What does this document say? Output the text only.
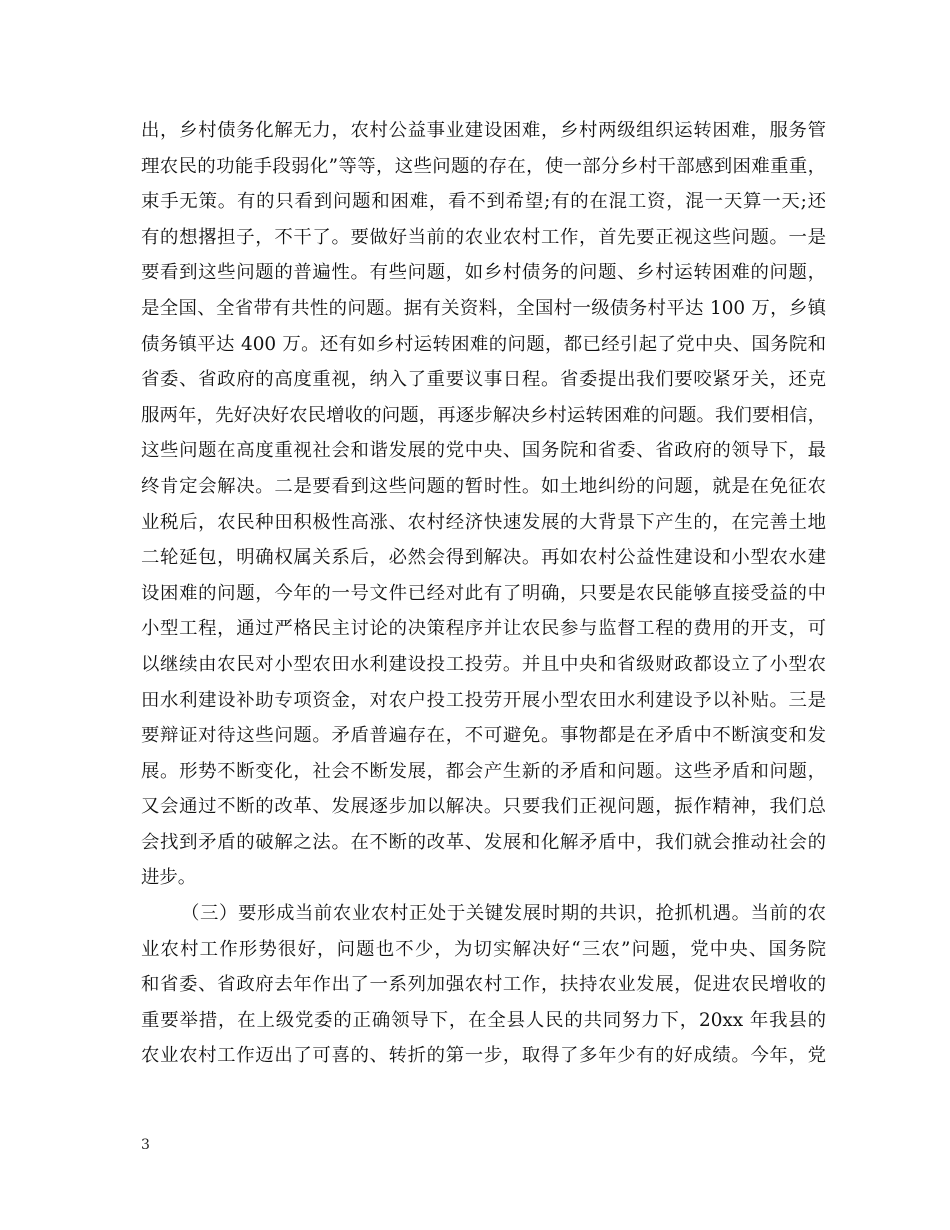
出，乡村债务化解无力，农村公益事业建设困难，乡村两级组织运转困难，服务管
理农民的功能手段弱化”等等，这些问题的存在，使一部分乡村干部感到困难重重，
束手无策。有的只看到问题和困难，看不到希望;有的在混工资，混一天算一天;还
有的想撂担子，不干了。要做好当前的农业农村工作，首先要正视这些问题。一是
要看到这些问题的普遍性。有些问题，如乡村债务的问题、乡村运转困难的问题，
是全国、全省带有共性的问题。据有关资料，全国村一级债务村平达 100 万，乡镇
债务镇平达 400 万。还有如乡村运转困难的问题，都已经引起了党中央、国务院和
省委、省政府的高度重视，纳入了重要议事日程。省委提出我们要咬紧牙关，还克
服两年，先好决好农民增收的问题，再逐步解决乡村运转困难的问题。我们要相信，
这些问题在高度重视社会和谐发展的党中央、国务院和省委、省政府的领导下，最
终肯定会解决。二是要看到这些问题的暂时性。如土地纠纷的问题，就是在免征农
业税后，农民种田积极性高涨、农村经济快速发展的大背景下产生的，在完善土地
二轮延包，明确权属关系后，必然会得到解决。再如农村公益性建设和小型农水建
设困难的问题，今年的一号文件已经对此有了明确，只要是农民能够直接受益的中
小型工程，通过严格民主讨论的决策程序并让农民参与监督工程的费用的开支，可
以继续由农民对小型农田水利建设投工投劳。并且中央和省级财政都设立了小型农
田水利建设补助专项资金，对农户投工投劳开展小型农田水利建设予以补贴。三是
要辩证对待这些问题。矛盾普遍存在，不可避免。事物都是在矛盾中不断演变和发
展。形势不断变化，社会不断发展，都会产生新的矛盾和问题。这些矛盾和问题，
又会通过不断的改革、发展逐步加以解决。只要我们正视问题，振作精神，我们总
会找到矛盾的破解之法。在不断的改革、发展和化解矛盾中，我们就会推动社会的
进步。
（三）要形成当前农业农村正处于关键发展时期的共识，抢抓机遇。当前的农
业农村工作形势很好，问题也不少，为切实解决好“三农”问题，党中央、国务院
和省委、省政府去年作出了一系列加强农村工作，扶持农业发展，促进农民增收的
重要举措，在上级党委的正确领导下，在全县人民的共同努力下，20xx 年我县的
农业农村工作迈出了可喜的、转折的第一步，取得了多年少有的好成绩。今年，党
3
